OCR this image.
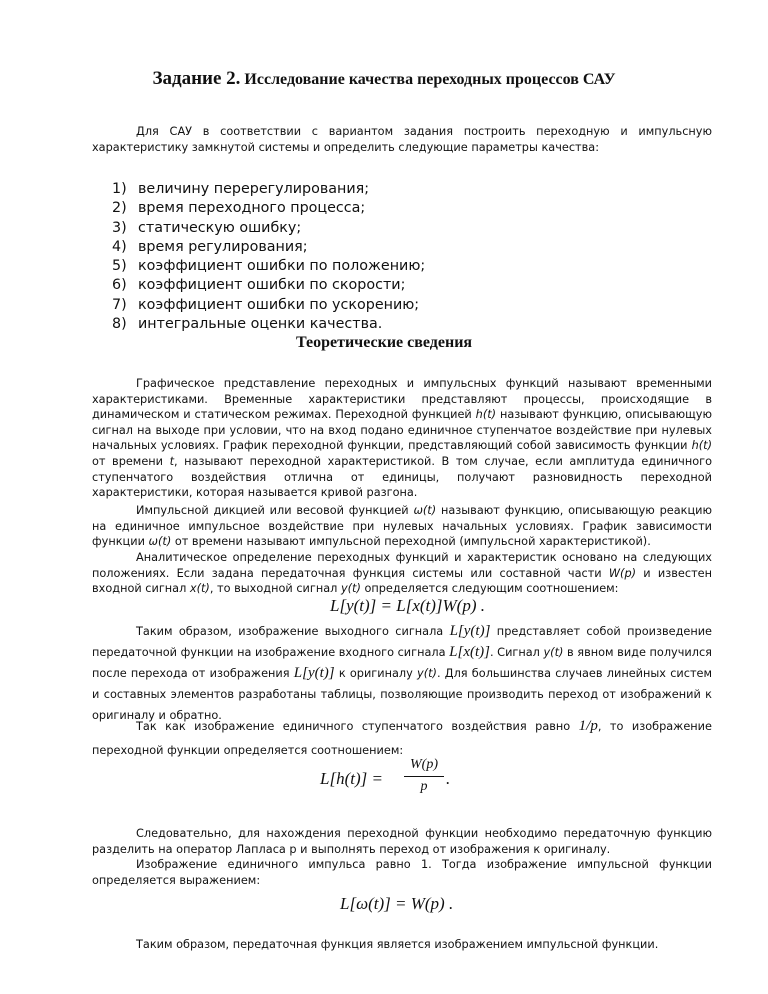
Задание 2. Исследование качества переходных процессов САУ

Для САУ в соответствии с вариантом задания построить переходную и импульсную характеристику замкнутой системы и определить следующие параметры качества:

1) величину перерегулирования;
2) время переходного процесса;
3) статическую ошибку;
4) время регулирования;
5) коэффициент ошибки по положению;
6) коэффициент ошибки по скорости;
7) коэффициент ошибки по ускорению;
8) интегральные оценки качества.
Теоретические сведения

Графическое представление переходных и импульсных функций называют временными характеристиками. Временные характеристики представляют процессы, происходящие в динамическом и статическом режимах. Переходной функцией h(t) называют функцию, описывающую сигнал на выходе при условии, что на вход подано единичное ступенчатое воздействие при нулевых начальных условиях. График переходной функции, представляющий собой зависимость функции h(t) от времени t, называют переходной характеристикой. В том случае, если амплитуда единичного ступенчатого воздействия отлична от единицы, получают разновидность переходной характеристики, которая называется кривой разгона.

Импульсной дикцией или весовой функцией ω(t) называют функцию, описывающую реакцию на единичное импульсное воздействие при нулевых начальных условиях. График зависимости функции ω(t) от времени называют импульсной переходной (импульсной характеристикой).

Аналитическое определение переходных функций и характеристик основано на следующих положениях. Если задана передаточная функция системы или составной части W(p) и известен входной сигнал x(t), то выходной сигнал y(t) определяется следующим соотношением:

L[y(t)] = L[x(t)]W(p) .

Таким образом, изображение выходного сигнала L[y(t)] представляет собой произведение передаточной функции на изображение входного сигнала L[x(t)]. Сигнал y(t) в явном виде получился после перехода от изображения L[y(t)] к оригиналу y(t). Для большинства случаев линейных систем и составных элементов разработаны таблицы, позволяющие производить переход от изображений к оригиналу и обратно.

Так как изображение единичного ступенчатого воздействия равно 1/p, то изображение переходной функции определяется соотношением:

L[h(t)] =
W(p)
p	.

Следовательно, для нахождения переходной функции необходимо передаточную функцию разделить на оператор Лапласа p и выполнять переход от изображения к оригиналу.

Изображение единичного импульса равно 1. Тогда изображение импульсной функции определяется выражением:

L[ω(t)] = W(p) .

Таким образом, передаточная функция является изображением импульсной функции.
